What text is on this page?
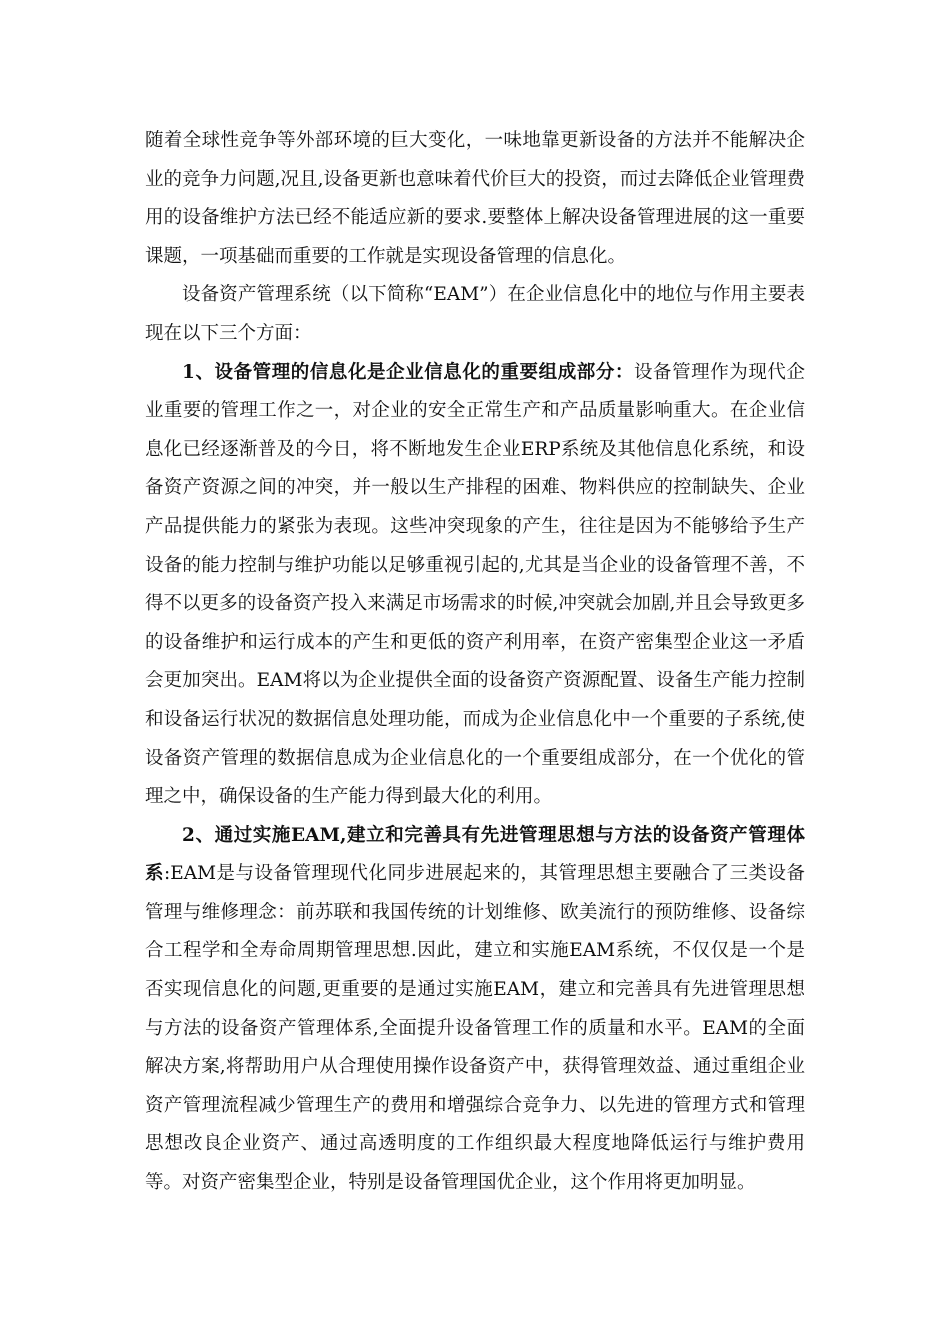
随着全球性竞争等外部环境的巨大变化，一味地靠更新设备的方法并不能解决企业的竞争力问题,况且,设备更新也意味着代价巨大的投资，而过去降低企业管理费用的设备维护方法已经不能适应新的要求.要整体上解决设备管理进展的这一重要课题，一项基础而重要的工作就是实现设备管理的信息化。

设备资产管理系统（以下简称“EAM”）在企业信息化中的地位与作用主要表现在以下三个方面：

1、设备管理的信息化是企业信息化的重要组成部分：设备管理作为现代企业重要的管理工作之一，对企业的安全正常生产和产品质量影响重大。在企业信息化已经逐渐普及的今日，将不断地发生企业ERP系统及其他信息化系统，和设备资产资源之间的冲突，并一般以生产排程的困难、物料供应的控制缺失、企业产品提供能力的紧张为表现。这些冲突现象的产生，往往是因为不能够给予生产设备的能力控制与维护功能以足够重视引起的,尤其是当企业的设备管理不善，不得不以更多的设备资产投入来满足市场需求的时候,冲突就会加剧,并且会导致更多的设备维护和运行成本的产生和更低的资产利用率，在资产密集型企业这一矛盾会更加突出。EAM将以为企业提供全面的设备资产资源配置、设备生产能力控制和设备运行状况的数据信息处理功能，而成为企业信息化中一个重要的子系统,使设备资产管理的数据信息成为企业信息化的一个重要组成部分，在一个优化的管理之中，确保设备的生产能力得到最大化的利用。

2、通过实施EAM,建立和完善具有先进管理思想与方法的设备资产管理体系:EAM是与设备管理现代化同步进展起来的，其管理思想主要融合了三类设备管理与维修理念：前苏联和我国传统的计划维修、欧美流行的预防维修、设备综合工程学和全寿命周期管理思想.因此，建立和实施EAM系统，不仅仅是一个是否实现信息化的问题,更重要的是通过实施EAM，建立和完善具有先进管理思想与方法的设备资产管理体系,全面提升设备管理工作的质量和水平。EAM的全面解决方案,将帮助用户从合理使用操作设备资产中，获得管理效益、通过重组企业资产管理流程减少管理生产的费用和增强综合竞争力、以先进的管理方式和管理思想改良企业资产、通过高透明度的工作组织最大程度地降低运行与维护费用等。对资产密集型企业，特别是设备管理国优企业，这个作用将更加明显。
